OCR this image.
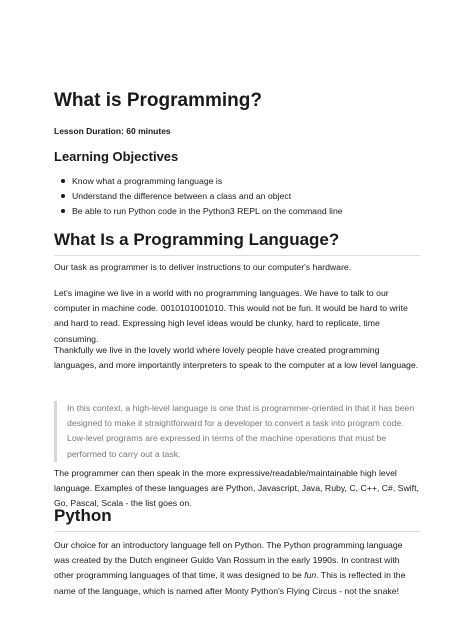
What is Programming?

Lesson Duration: 60 minutes

Learning Objectives
Know what a programming language is
Understand the difference between a class and an object
Be able to run Python code in the Python3 REPL on the command line
What Is a Programming Language?

Our task as programmer is to deliver instructions to our computer's hardware.

Let's imagine we live in a world with no programming languages. We have to talk to our computer in machine code. 0010101001010. This would not be fun. It would be hard to write and hard to read. Expressing high level ideas would be clunky, hard to replicate, time consuming.

Thankfully we live in the lovely world where lovely people have created programming languages, and more importantly interpreters to speak to the computer at a low level language.

In this context, a high-level language is one that is programmer-oriented in that it has been designed to make it straightforward for a developer to convert a task into program code. Low-level programs are expressed in terms of the machine operations that must be performed to carry out a task.

The programmer can then speak in the more expressive/readable/maintainable high level language. Examples of these languages are Python, Javascript, Java, Ruby, C, C++, C#, Swift, Go, Pascal, Scala - the list goes on.

Python

Our choice for an introductory language fell on Python. The Python programming language was created by the Dutch engineer Guido Van Rossum in the early 1990s. In contrast with other programming languages of that time, it was designed to be fun. This is reflected in the name of the language, which is named after Monty Python's Flying Circus - not the snake!
